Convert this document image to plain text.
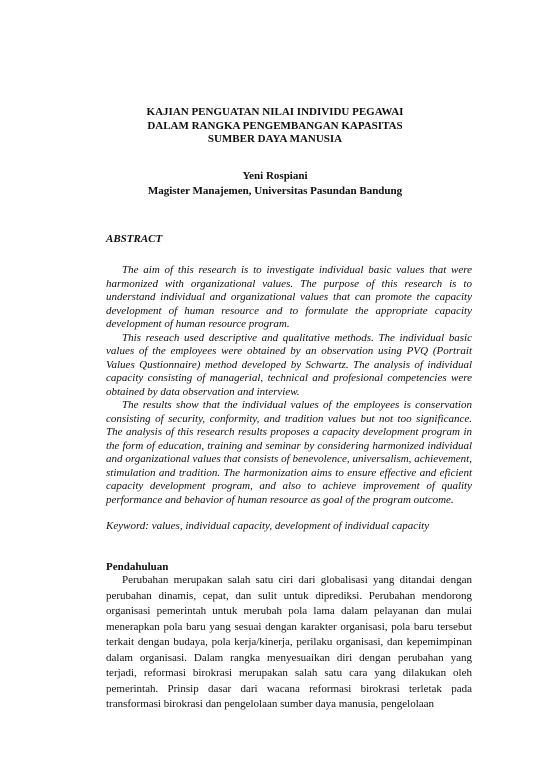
KAJIAN PENGUATAN NILAI INDIVIDU PEGAWAI
DALAM RANGKA PENGEMBANGAN KAPASITAS
SUMBER DAYA MANUSIA
Yeni Rospiani
Magister Manajemen, Universitas Pasundan Bandung
ABSTRACT

The aim of this research is to investigate individual basic values that were harmonized with organizational values. The purpose of this research is to understand individual and organizational values that can promote the capacity development of human resource and to formulate the appropriate capacity development of human resource program.

This reseach used descriptive and qualitative methods. The individual basic values of the employees were obtained by an observation using PVQ (Portrait Values Qustionnaire) method developed by Schwartz. The analysis of individual capacity consisting of managerial, technical and profesional competencies were obtained by data observation and interview.

The results show that the individual values of the employees is conservation consisting of security, conformity, and tradition values but not too significance. The analysis of this research results proposes a capacity development program in the form of education, training and seminar by considering harmonized individual and organizational values that consists of benevolence, universalism, achievement, stimulation and tradition. The harmonization aims to ensure effective and eficient capacity development program, and also to achieve improvement of quality performance and behavior of human resource as goal of the program outcome.

Keyword: values, individual capacity, development of individual capacity
Pendahuluan

Perubahan merupakan salah satu ciri dari globalisasi yang ditandai dengan perubahan dinamis, cepat, dan sulit untuk diprediksi. Perubahan mendorong organisasi pemerintah untuk merubah pola lama dalam pelayanan dan mulai menerapkan pola baru yang sesuai dengan karakter organisasi, pola baru tersebut terkait dengan budaya, pola kerja/kinerja, perilaku organisasi, dan kepemimpinan dalam organisasi. Dalam rangka menyesuaikan diri dengan perubahan yang terjadi, reformasi birokrasi merupakan salah satu cara yang dilakukan oleh pemerintah. Prinsip dasar dari wacana reformasi birokrasi terletak pada transformasi birokrasi dan pengelolaan sumber daya manusia, pengelolaan
